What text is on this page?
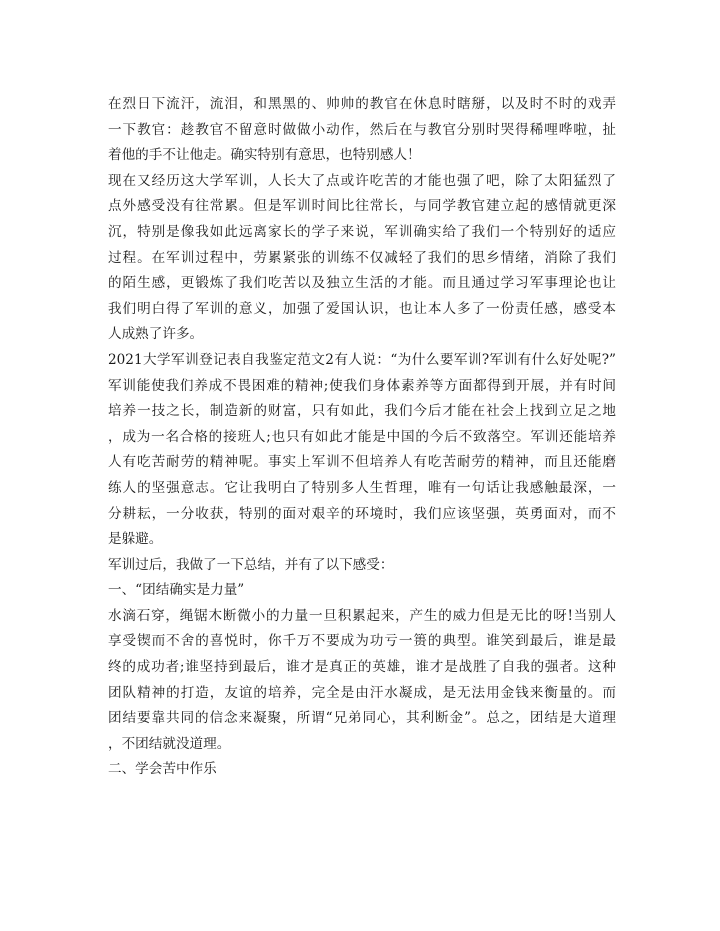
在烈日下流汗，流泪，和黑黑的、帅帅的教官在休息时瞎掰，以及时不时的戏弄
一下教官：趁教官不留意时做做小动作，然后在与教官分别时哭得稀哩哗啦，扯
着他的手不让他走。确实特别有意思，也特别感人！
现在又经历这大学军训，人长大了点或许吃苦的才能也强了吧，除了太阳猛烈了
点外感受没有往常累。但是军训时间比往常长，与同学教官建立起的感情就更深
沉，特别是像我如此远离家长的学子来说，军训确实给了我们一个特别好的适应
过程。在军训过程中，劳累紧张的训练不仅减轻了我们的思乡情绪，消除了我们
的陌生感，更锻炼了我们吃苦以及独立生活的才能。而且通过学习军事理论也让
我们明白得了军训的意义，加强了爱国认识，也让本人多了一份责任感，感受本
人成熟了许多。
2021大学军训登记表自我鉴定范文2有人说：“为什么要军训?军训有什么好处呢?”
军训能使我们养成不畏困难的精神;使我们身体素养等方面都得到开展，并有时间
培养一技之长，制造新的财富，只有如此，我们今后才能在社会上找到立足之地
，成为一名合格的接班人;也只有如此才能是中国的今后不致落空。军训还能培养
人有吃苦耐劳的精神呢。事实上军训不但培养人有吃苦耐劳的精神，而且还能磨
练人的坚强意志。它让我明白了特别多人生哲理，唯有一句话让我感触最深，一
分耕耘，一分收获，特别的面对艰辛的环境时，我们应该坚强，英勇面对，而不
是躲避。
军训过后，我做了一下总结，并有了以下感受：
一、“团结确实是力量”
水滴石穿，绳锯木断微小的力量一旦积累起来，产生的威力但是无比的呀!当别人
享受锲而不舍的喜悦时，你千万不要成为功亏一篑的典型。谁笑到最后，谁是最
终的成功者;谁坚持到最后，谁才是真正的英雄，谁才是战胜了自我的强者。这种
团队精神的打造，友谊的培养，完全是由汗水凝成，是无法用金钱来衡量的。而
团结要靠共同的信念来凝聚，所谓“兄弟同心，其利断金”。总之，团结是大道理
，不团结就没道理。
二、学会苦中作乐
